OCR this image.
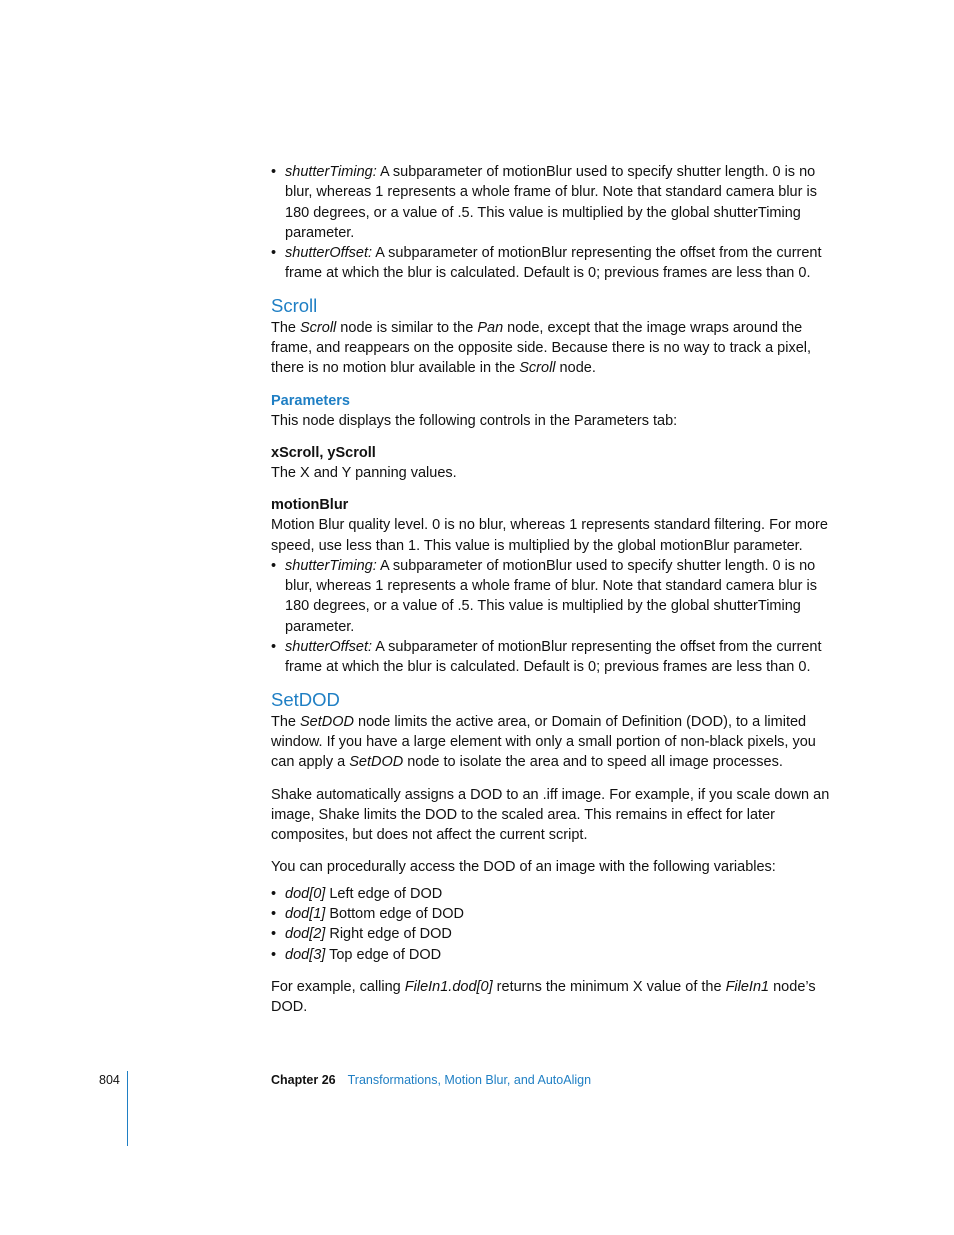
• shutterTiming: A subparameter of motionBlur used to specify shutter length. 0 is no blur, whereas 1 represents a whole frame of blur. Note that standard camera blur is 180 degrees, or a value of .5. This value is multiplied by the global shutterTiming parameter.
• shutterOffset: A subparameter of motionBlur representing the offset from the current frame at which the blur is calculated. Default is 0; previous frames are less than 0.
Scroll

The Scroll node is similar to the Pan node, except that the image wraps around the frame, and reappears on the opposite side. Because there is no way to track a pixel, there is no motion blur available in the Scroll node.

Parameters

This node displays the following controls in the Parameters tab:

xScroll, yScroll

The X and Y panning values.

motionBlur

Motion Blur quality level. 0 is no blur, whereas 1 represents standard filtering. For more speed, use less than 1. This value is multiplied by the global motionBlur parameter.

• shutterTiming: A subparameter of motionBlur used to specify shutter length. 0 is no blur, whereas 1 represents a whole frame of blur. Note that standard camera blur is 180 degrees, or a value of .5. This value is multiplied by the global shutterTiming parameter.
• shutterOffset: A subparameter of motionBlur representing the offset from the current frame at which the blur is calculated. Default is 0; previous frames are less than 0.
SetDOD

The SetDOD node limits the active area, or Domain of Definition (DOD), to a limited window. If you have a large element with only a small portion of non-black pixels, you can apply a SetDOD node to isolate the area and to speed all image processes.

Shake automatically assigns a DOD to an .iff image. For example, if you scale down an image, Shake limits the DOD to the scaled area. This remains in effect for later composites, but does not affect the current script.

You can procedurally access the DOD of an image with the following variables:

• dod[0] Left edge of DOD
• dod[1] Bottom edge of DOD
• dod[2] Right edge of DOD
• dod[3] Top edge of DOD

For example, calling FileIn1.dod[0] returns the minimum X value of the FileIn1 node’s DOD.

804	Chapter 26 Transformations, Motion Blur, and AutoAlign
